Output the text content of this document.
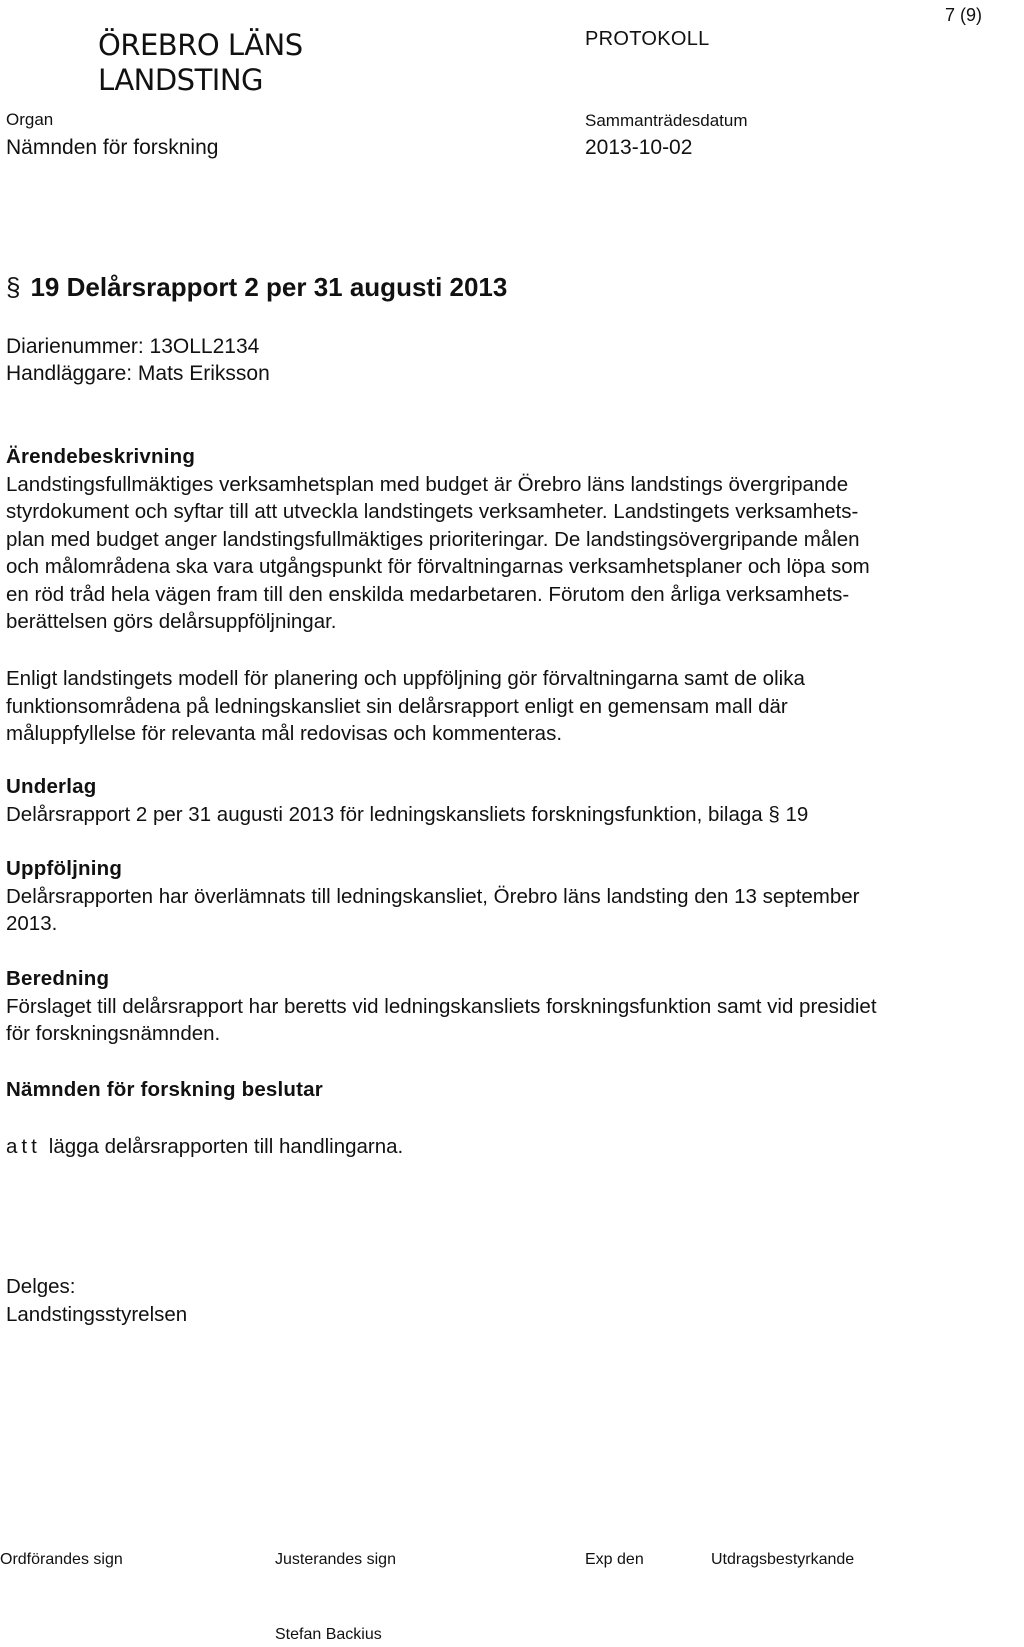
ÖREBRO LÄNS
LANDSTING
Organ
Nämnden för forskning
PROTOKOLL
Sammanträdesdatum
2013-10-02
7 (9)
§ 19 Delårsrapport 2 per 31 augusti 2013
Diarienummer: 13OLL2134
Handläggare: Mats Eriksson
Ärendebeskrivning

Landstingsfullmäktiges verksamhetsplan med budget är Örebro läns landstings övergripande
styrdokument och syftar till att utveckla landstingets verksamheter. Landstingets verksamhets-
plan med budget anger landstingsfullmäktiges prioriteringar. De landstingsövergripande målen
och målområdena ska vara utgångspunkt för förvaltningarnas verksamhetsplaner och löpa som
en röd tråd hela vägen fram till den enskilda medarbetaren. Förutom den årliga verksamhets-
berättelsen görs delårsuppföljningar.

Enligt landstingets modell för planering och uppföljning gör förvaltningarna samt de olika
funktionsområdena på ledningskansliet sin delårsrapport enligt en gemensam mall där
måluppfyllelse för relevanta mål redovisas och kommenteras.
Underlag
Delårsrapport 2 per 31 augusti 2013 för ledningskansliets forskningsfunktion, bilaga § 19
Uppföljning
Delårsrapporten har överlämnats till ledningskansliet, Örebro läns landsting den 13 september
2013.
Beredning
Förslaget till delårsrapport har beretts vid ledningskansliets forskningsfunktion samt vid presidiet
för forskningsnämnden.
Nämnden för forskning beslutar
att lägga delårsrapporten till handlingarna.
Delges:
Landstingsstyrelsen
Ordförandes sign	Justerandes sign	Exp den	Utdragsbestyrkande
Stefan Backius
